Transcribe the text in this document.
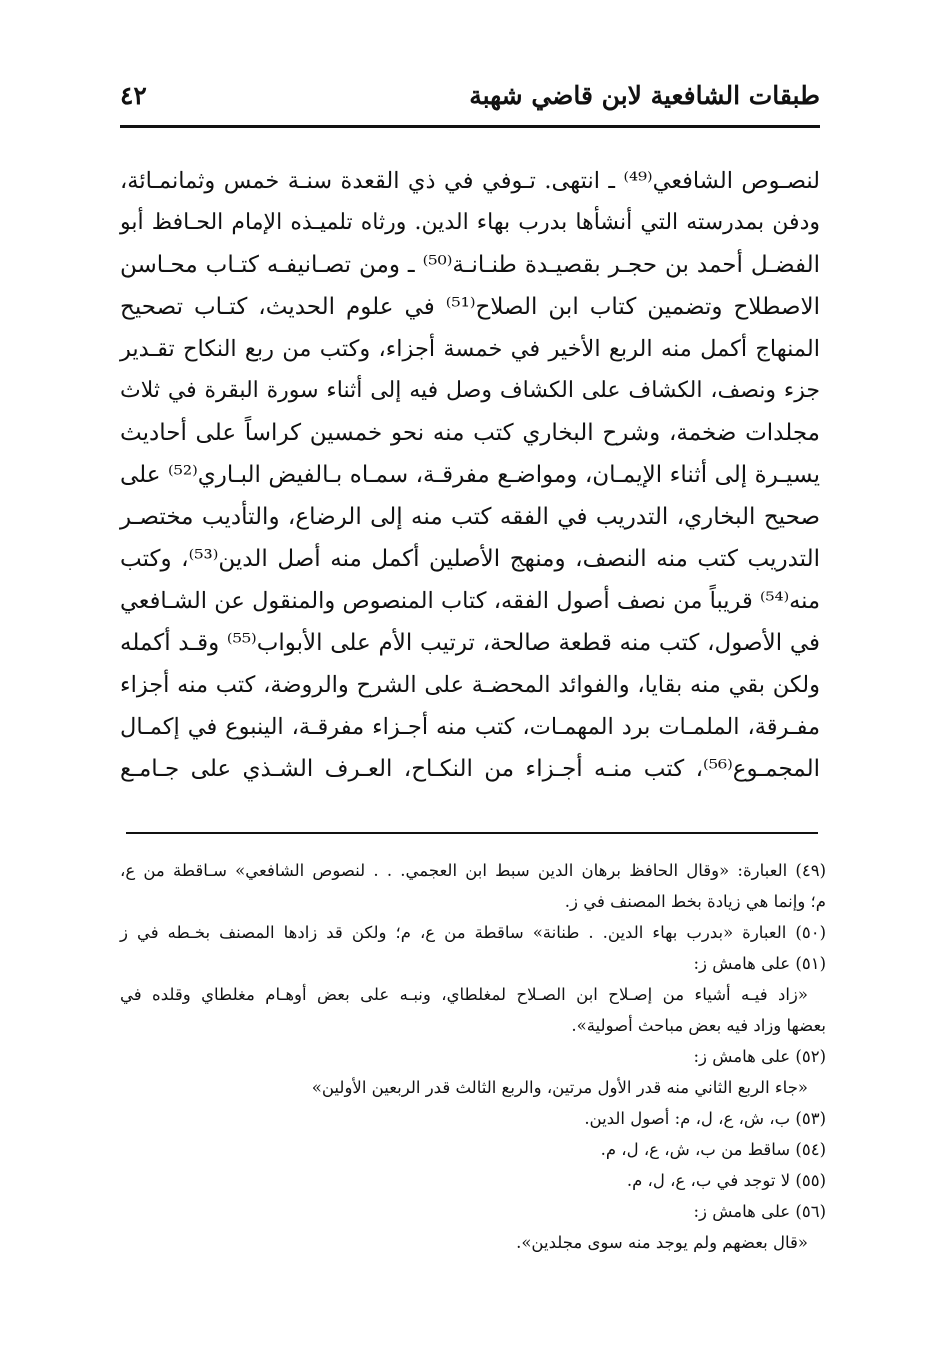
طبقات الشافعية لابن قاضي شهبة
٤٢
لنصـوص الشافعي⁽⁴⁹⁾ ـ انتهى. تـوفي في ذي القعدة سنـة خمس وثمانمـائة،
ودفن بمدرسته التي أنشأها بدرب بهاء الدين. ورثاه تلميـذه الإمام الحـافظ أبو
الفضـل أحمد بن حجـر بقصيـدة طنـانـة⁽⁵⁰⁾ ـ ومن تصـانيفـه كتـاب محـاسن
الاصطلاح وتضمين كتاب ابن الصلاح⁽⁵¹⁾ في علوم الحديث، كتـاب تصحيح
المنهاج أكمل منه الربع الأخير في خمسة أجزاء، وكتب من ربع النكاح تقـدير
جزء ونصف، الكشاف على الكشاف وصل فيه إلى أثناء سورة البقرة في ثلاث
مجلدات ضخمة، وشرح البخاري كتب منه نحو خمسين كراساً على أحاديث
يسيـرة إلى أثناء الإيمـان، ومواضـع مفرقـة، سمـاه بـالفيض البـاري⁽⁵²⁾ على
صحيح البخاري، التدريب في الفقه كتب منه إلى الرضاع، والتأديب مختصـر
التدريب كتب منه النصف، ومنهج الأصلين أكمل منه أصل الدين⁽⁵³⁾، وكتب
منه⁽⁵⁴⁾ قريباً من نصف أصول الفقه، كتاب المنصوص والمنقول عن الشـافعي
في الأصول، كتب منه قطعة صالحة، ترتيب الأم على الأبواب⁽⁵⁵⁾ وقـد أكمله
ولكن بقي منه بقايا، والفوائد المحضـة على الشرح والروضة، كتب منه أجزاء
مفـرقة، الملمـات برد المهمـات، كتب منه أجـزاء مفرقـة، الينبوع في إكمـال
المجمـوع⁽⁵⁶⁾، كتب منـه أجـزاء من النكـاح، العـرف الشـذي على جـامـع
(٤٩) العبارة: «وقال الحافظ برهان الدين سبط ابن العجمي. . . لنصوص الشافعي» سـاقطة من ع،
م؛ وإنما هي زيادة بخط المصنف في ز.
(٥٠) العبارة «بدرب بهاء الدين. . طنانة» ساقطة من ع، م؛ ولكن قد زادها المصنف بخـطه في ز
(٥١) على هامش ز:
«زاد فيـه أشياء من إصـلاح ابن الصـلاح لمغلطاي، ونبـه على بعض أوهـام مغلطاي وقلده في
بعضها وزاد فيه بعض مباحث أصولية».
(٥٢) على هامش ز:
«جاء الربع الثاني منه قدر الأول مرتين، والربع الثالث قدر الربعين الأولين»
(٥٣) ب، ش، ع، ل، م: أصول الدين.
(٥٤) ساقط من ب، ش، ع، ل، م.
(٥٥) لا توجد في ب، ع، ل، م.
(٥٦) على هامش ز:
«قال بعضهم ولم يوجد منه سوى مجلدين».
